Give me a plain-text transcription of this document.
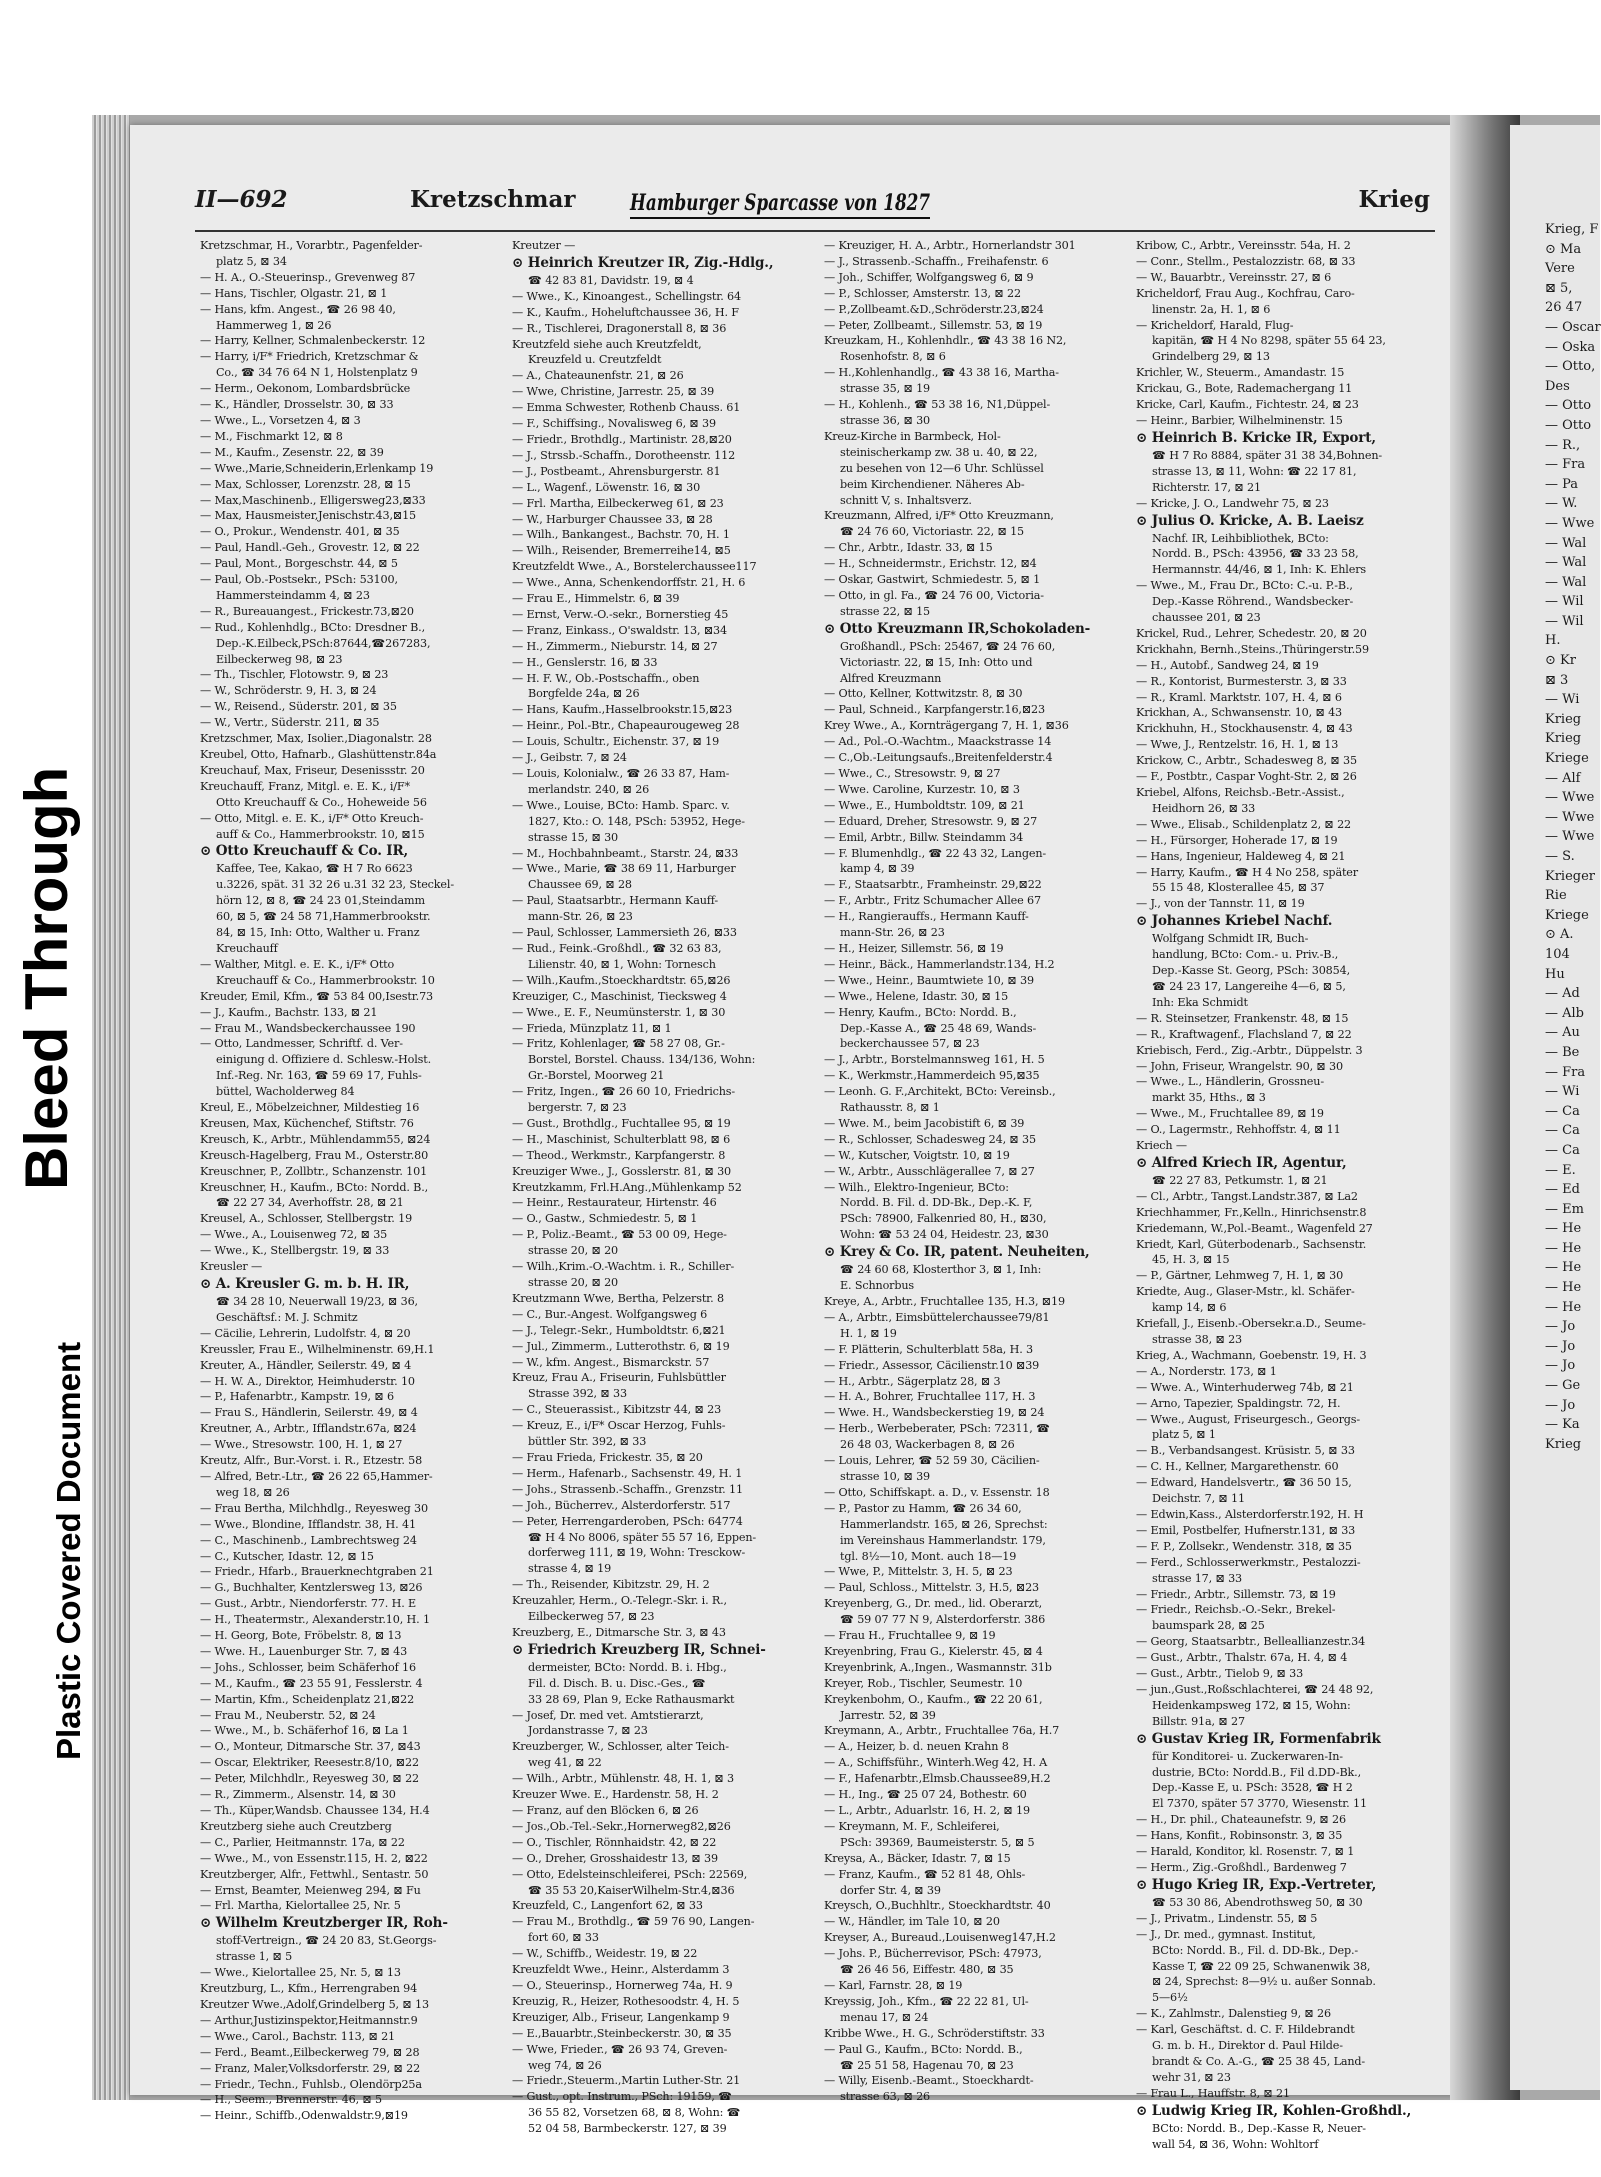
Bleed Through
Plastic Covered Document
II—692	Kretzschmar Hamburger Sparcasse von 1827	Krieg
Kretzschmar, H., Vorarbtr., Pagenfelder-
platz 5, ⊠ 34
— H. A., O.-Steuerinsp., Grevenweg 87
— Hans, Tischler, Olgastr. 21, ⊠ 1
— Hans, kfm. Angest., ☎ 26 98 40,
Hammerweg 1, ⊠ 26
— Harry, Kellner, Schmalenbeckerstr. 12
— Harry, i/F* Friedrich, Kretzschmar &
Co., ☎ 34 76 64 N 1, Holstenplatz 9
— Herm., Oekonom, Lombardsbrücke
— K., Händler, Drosselstr. 30, ⊠ 33
— Wwe., L., Vorsetzen 4, ⊠ 3
— M., Fischmarkt 12, ⊠ 8
— M., Kaufm., Zesenstr. 22, ⊠ 39
— Wwe.,Marie,Schneiderin,Erlenkamp 19
— Max, Schlosser, Lorenzstr. 28, ⊠ 15
— Max,Maschinenb., Elligersweg23,⊠33
— Max, Hausmeister,Jenischstr.43,⊠15
— O., Prokur., Wendenstr. 401, ⊠ 35
— Paul, Handl.-Geh., Grovestr. 12, ⊠ 22
— Paul, Mont., Borgeschstr. 44, ⊠ 5
— Paul, Ob.-Postsekr., PSch: 53100,
Hammersteindamm 4, ⊠ 23
— R., Bureauangest., Frickestr.73,⊠20
— Rud., Kohlenhdlg., BCto: Dresdner B.,
Dep.-K.Eilbeck,PSch:87644,☎267283,
Eilbeckerweg 98, ⊠ 23
— Th., Tischler, Flotowstr. 9, ⊠ 23
— W., Schröderstr. 9, H. 3, ⊠ 24
— W., Reisend., Süderstr. 201, ⊠ 35
— W., Vertr., Süderstr. 211, ⊠ 35
Kretzschmer, Max, Isolier.,Diagonalstr. 28
Kreubel, Otto, Hafnarb., Glashüttenstr.84a
Kreuchauf, Max, Friseur, Desenissstr. 20
Kreuchauff, Franz, Mitgl. e. E. K., i/F*
Otto Kreuchauff & Co., Hoheweide 56
— Otto, Mitgl. e. E. K., i/F* Otto Kreuch-
auff & Co., Hammerbrookstr. 10, ⊠15
⊙ Otto Kreuchauff & Co. IR,
Kaffee, Tee, Kakao, ☎ H 7 Ro 6623
u.3226, spät. 31 32 26 u.31 32 23, Steckel-
hörn 12, ⊠ 8, ☎ 24 23 01,Steindamm
60, ⊠ 5, ☎ 24 58 71,Hammerbrookstr.
84, ⊠ 15, Inh: Otto, Walther u. Franz
Kreuchauff
— Walther, Mitgl. e. E. K., i/F* Otto
Kreuchauff & Co., Hammerbrookstr. 10
Kreuder, Emil, Kfm., ☎ 53 84 00,Isestr.73
— J., Kaufm., Bachstr. 133, ⊠ 21
— Frau M., Wandsbeckerchaussee 190
— Otto, Landmesser, Schriftf. d. Ver-
einigung d. Offiziere d. Schlesw.-Holst.
Inf.-Reg. Nr. 163, ☎ 59 69 17, Fuhls-
büttel, Wacholderweg 84
Kreul, E., Möbelzeichner, Mildestieg 16
Kreusen, Max, Küchenchef, Stiftstr. 76
Kreusch, K., Arbtr., Mühlendamm55, ⊠24
Kreusch-Hagelberg, Frau M., Osterstr.80
Kreuschner, P., Zollbtr., Schanzenstr. 101
Kreuschner, H., Kaufm., BCto: Nordd. B.,
☎ 22 27 34, Averhoffstr. 28, ⊠ 21
Kreusel, A., Schlosser, Stellbergstr. 19
— Wwe., A., Louisenweg 72, ⊠ 35
— Wwe., K., Stellbergstr. 19, ⊠ 33
Kreusler —
⊙ A. Kreusler G. m. b. H. IR,
☎ 34 28 10, Neuerwall 19/23, ⊠ 36,
Geschäftsf.: M. J. Schmitz
— Cäcilie, Lehrerin, Ludolfstr. 4, ⊠ 20
Kreussler, Frau E., Wilhelminenstr. 69,H.1
Kreuter, A., Händler, Seilerstr. 49, ⊠ 4
— H. W. A., Direktor, Heimhuderstr. 10
— P., Hafenarbtr., Kampstr. 19, ⊠ 6
— Frau S., Händlerin, Seilerstr. 49, ⊠ 4
Kreutner, A., Arbtr., Ifflandstr.67a, ⊠24
— Wwe., Stresowstr. 100, H. 1, ⊠ 27
Kreutz, Alfr., Bur.-Vorst. i. R., Etzestr. 58
— Alfred, Betr.-Ltr., ☎ 26 22 65,Hammer-
weg 18, ⊠ 26
— Frau Bertha, Milchhdlg., Reyesweg 30
— Wwe., Blondine, Ifflandstr. 38, H. 41
— C., Maschinenb., Lambrechtsweg 24
— C., Kutscher, Idastr. 12, ⊠ 15
— Friedr., Hfarb., Brauerknechtgraben 21
— G., Buchhalter, Kentzlersweg 13, ⊠26
— Gust., Arbtr., Niendorferstr. 77. H. E
— H., Theatermstr., Alexanderstr.10, H. 1
— H. Georg, Bote, Fröbelstr. 8, ⊠ 13
— Wwe. H., Lauenburger Str. 7, ⊠ 43
— Johs., Schlosser, beim Schäferhof 16
— M., Kaufm., ☎ 23 55 91, Fesslerstr. 4
— Martin, Kfm., Scheidenplatz 21,⊠22
— Frau M., Neuberstr. 52, ⊠ 24
— Wwe., M., b. Schäferhof 16, ⊠ La 1
— O., Monteur, Ditmarsche Str. 37, ⊠43
— Oscar, Elektriker, Reesestr.8/10, ⊠22
— Peter, Milchhdlr., Reyesweg 30, ⊠ 22
— R., Zimmerm., Alsenstr. 14, ⊠ 30
— Th., Küper,Wandsb. Chaussee 134, H.4
Kreutzberg siehe auch Creutzberg
— C., Parlier, Heitmannstr. 17a, ⊠ 22
— Wwe., M., von Essenstr.115, H. 2, ⊠22
Kreutzberger, Alfr., Fettwhl., Sentastr. 50
— Ernst, Beamter, Meienweg 294, ⊠ Fu
— Frl. Martha, Kielortallee 25, Nr. 5
⊙ Wilhelm Kreutzberger IR, Roh-
stoff-Vertreign., ☎ 24 20 83, St.Georgs-
strasse 1, ⊠ 5
— Wwe., Kielortallee 25, Nr. 5, ⊠ 13
Kreutzburg, L., Kfm., Herrengraben 94
Kreutzer Wwe.,Adolf,Grindelberg 5, ⊠ 13
— Arthur,Justizinspektor,Heitmannstr.9
— Wwe., Carol., Bachstr. 113, ⊠ 21
— Ferd., Beamt.,Eilbeckerweg 79, ⊠ 28
— Franz, Maler,Volksdorferstr. 29, ⊠ 22
— Friedr., Techn., Fuhlsb., Olendörp25a
— H., Seem., Brennerstr. 46, ⊠ 5
— Heinr., Schiffb.,Odenwaldstr.9,⊠19
Kreutzer —
⊙ Heinrich Kreutzer IR, Zig.-Hdlg.,
☎ 42 83 81, Davidstr. 19, ⊠ 4
— Wwe., K., Kinoangest., Schellingstr. 64
— K., Kaufm., Hoheluftchaussee 36, H. F
— R., Tischlerei, Dragonerstall 8, ⊠ 36
Kreutzfeld siehe auch Kreutzfeldt,
Kreuzfeld u. Creutzfeldt
— A., Chateaunenfstr. 21, ⊠ 26
— Wwe, Christine, Jarrestr. 25, ⊠ 39
— Emma Schwester, Rothenb Chauss. 61
— F., Schiffsing., Novalisweg 6, ⊠ 39
— Friedr., Brothdlg., Martinistr. 28,⊠20
— J., Strssb.-Schaffn., Dorotheenstr. 112
— J., Postbeamt., Ahrensburgerstr. 81
— L., Wagenf., Löwenstr. 16, ⊠ 30
— Frl. Martha, Eilbeckerweg 61, ⊠ 23
— W., Harburger Chaussee 33, ⊠ 28
— Wilh., Bankangest., Bachstr. 70, H. 1
— Wilh., Reisender, Bremerreihe14, ⊠5
Kreutzfeldt Wwe., A., Borstelerchaussee117
— Wwe., Anna, Schenkendorffstr. 21, H. 6
— Frau E., Himmelstr. 6, ⊠ 39
— Ernst, Verw.-O.-sekr., Bornerstieg 45
— Franz, Einkass., O'swaldstr. 13, ⊠34
— H., Zimmerm., Nieburstr. 14, ⊠ 27
— H., Genslerstr. 16, ⊠ 33
— H. F. W., Ob.-Postschaffn., oben
Borgfelde 24a, ⊠ 26
— Hans, Kaufm.,Hasselbrookstr.15,⊠23
— Heinr., Pol.-Btr., Chapeaurougeweg 28
— Louis, Schultr., Eichenstr. 37, ⊠ 19
— J., Geibstr. 7, ⊠ 24
— Louis, Kolonialw., ☎ 26 33 87, Ham-
merlandstr. 240, ⊠ 26
— Wwe., Louise, BCto: Hamb. Sparc. v.
1827, Kto.: O. 148, PSch: 53952, Hege-
strasse 15, ⊠ 30
— M., Hochbahnbeamt., Starstr. 24, ⊠33
— Wwe., Marie, ☎ 38 69 11, Harburger
Chaussee 69, ⊠ 28
— Paul, Staatsarbtr., Hermann Kauff-
mann-Str. 26, ⊠ 23
— Paul, Schlosser, Lammersieth 26, ⊠33
— Rud., Feink.-Großhdl., ☎ 32 63 83,
Lilienstr. 40, ⊠ 1, Wohn: Tornesch
— Wilh.,Kaufm.,Stoeckhardtstr. 65,⊠26
Kreuziger, C., Maschinist, Tiecksweg 4
— Wwe., E. F., Neumünsterstr. 1, ⊠ 30
— Frieda, Münzplatz 11, ⊠ 1
— Fritz, Kohlenlager, ☎ 58 27 08, Gr.-
Borstel, Borstel. Chauss. 134/136, Wohn:
Gr.-Borstel, Moorweg 21
— Fritz, Ingen., ☎ 26 60 10, Friedrichs-
bergerstr. 7, ⊠ 23
— Gust., Brothdlg., Fuchtallee 95, ⊠ 19
— H., Maschinist, Schulterblatt 98, ⊠ 6
— Theod., Werkmstr., Karpfangerstr. 8
Kreuziger Wwe., J., Gosslerstr. 81, ⊠ 30
Kreutzkamm, Frl.H.Ang.,Mühlenkamp 52
— Heinr., Restaurateur, Hirtenstr. 46
— O., Gastw., Schmiedestr. 5, ⊠ 1
— P., Poliz.-Beamt., ☎ 53 00 09, Hege-
strasse 20, ⊠ 20
— Wilh.,Krim.-O.-Wachtm. i. R., Schiller-
strasse 20, ⊠ 20
Kreutzmann Wwe, Bertha, Pelzerstr. 8
— C., Bur.-Angest. Wolfgangsweg 6
— J., Telegr.-Sekr., Humboldtstr. 6,⊠21
— Jul., Zimmerm., Lutterothstr. 6, ⊠ 19
— W., kfm. Angest., Bismarckstr. 57
Kreuz, Frau A., Friseurin, Fuhlsbüttler
Strasse 392, ⊠ 33
— C., Steuerassist., Kibitzstr 44, ⊠ 23
— Kreuz, E., i/F* Oscar Herzog, Fuhls-
büttler Str. 392, ⊠ 33
— Frau Frieda, Frickestr. 35, ⊠ 20
— Herm., Hafenarb., Sachsenstr. 49, H. 1
— Johs., Strassenb.-Schaffn., Grenzstr. 11
— Joh., Bücherrev., Alsterdorferstr. 517
— Peter, Herrengarderoben, PSch: 64774
☎ H 4 No 8006, später 55 57 16, Eppen-
dorferweg 111, ⊠ 19, Wohn: Tresckow-
strasse 4, ⊠ 19
— Th., Reisender, Kibitzstr. 29, H. 2
Kreuzahler, Herm., O.-Telegr.-Skr. i. R.,
Eilbeckerweg 57, ⊠ 23
Kreuzberg, E., Ditmarsche Str. 3, ⊠ 43
⊙ Friedrich Kreuzberg IR, Schnei-
dermeister, BCto: Nordd. B. i. Hbg.,
Fil. d. Disch. B. u. Disc.-Ges., ☎
33 28 69, Plan 9, Ecke Rathausmarkt
— Josef, Dr. med vet. Amtstierarzt,
Jordanstrasse 7, ⊠ 23
Kreuzberger, W., Schlosser, alter Teich-
weg 41, ⊠ 22
— Wilh., Arbtr., Mühlenstr. 48, H. 1, ⊠ 3
Kreuzer Wwe. E., Hardenstr. 58, H. 2
— Franz, auf den Blöcken 6, ⊠ 26
— Jos.,Ob.-Tel.-Sekr.,Hornerweg82,⊠26
— O., Tischler, Rönnhaidstr. 42, ⊠ 22
— O., Dreher, Grosshaidestr 13, ⊠ 39
— Otto, Edelsteinschleiferei, PSch: 22569,
☎ 35 53 20,KaiserWilhelm-Str.4,⊠36
Kreuzfeld, C., Langenfort 62, ⊠ 33
— Frau M., Brothdlg., ☎ 59 76 90, Langen-
fort 60, ⊠ 33
— W., Schiffb., Weidestr. 19, ⊠ 22
Kreuzfeldt Wwe., Heinr., Alsterdamm 3
— O., Steuerinsp., Hornerweg 74a, H. 9
Kreuzig, R., Heizer, Rothesoodstr. 4, H. 5
Kreuziger, Alb., Friseur, Langenkamp 9
— E.,Bauarbtr.,Steinbeckerstr. 30, ⊠ 35
— Wwe, Frieder., ☎ 26 93 74, Greven-
weg 74, ⊠ 26
— Friedr.,Steuerm.,Martin Luther-Str. 21
— Gust., opt. Instrum., PSch: 19159, ☎
36 55 82, Vorsetzen 68, ⊠ 8, Wohn: ☎
52 04 58, Barmbeckerstr. 127, ⊠ 39
— Kreuziger, H. A., Arbtr., Hornerlandstr 301
— J., Strassenb.-Schaffn., Freihafenstr. 6
— Joh., Schiffer, Wolfgangsweg 6, ⊠ 9
— P., Schlosser, Amsterstr. 13, ⊠ 22
— P.,Zollbeamt.&D.,Schröderstr.23,⊠24
— Peter, Zollbeamt., Sillemstr. 53, ⊠ 19
Kreuzkam, H., Kohlenhdlr., ☎ 43 38 16 N2,
Rosenhofstr. 8, ⊠ 6
— H.,Kohlenhandlg., ☎ 43 38 16, Martha-
strasse 35, ⊠ 19
— H., Kohlenh., ☎ 53 38 16, N1,Düppel-
strasse 36, ⊠ 30
Kreuz-Kirche in Barmbeck, Hol-
steinischerkamp zw. 38 u. 40, ⊠ 22,
zu besehen von 12—6 Uhr. Schlüssel
beim Kirchendiener. Näheres Ab-
schnitt V, s. Inhaltsverz.
Kreuzmann, Alfred, i/F* Otto Kreuzmann,
☎ 24 76 60, Victoriastr. 22, ⊠ 15
— Chr., Arbtr., Idastr. 33, ⊠ 15
— H., Schneidermstr., Erichstr. 12, ⊠4
— Oskar, Gastwirt, Schmiedestr. 5, ⊠ 1
— Otto, in gl. Fa., ☎ 24 76 00, Victoria-
strasse 22, ⊠ 15
⊙ Otto Kreuzmann IR,Schokoladen-
Großhandl., PSch: 25467, ☎ 24 76 60,
Victoriastr. 22, ⊠ 15, Inh: Otto und
Alfred Kreuzmann
— Otto, Kellner, Kottwitzstr. 8, ⊠ 30
— Paul, Schneid., Karpfangerstr.16,⊠23
Krey Wwe., A., Kornträgergang 7, H. 1, ⊠36
— Ad., Pol.-O.-Wachtm., Maackstrasse 14
— C.,Ob.-Leitungsaufs.,Breitenfelderstr.4
— Wwe., C., Stresowstr. 9, ⊠ 27
— Wwe. Caroline, Kurzestr. 10, ⊠ 3
— Wwe., E., Humboldtstr. 109, ⊠ 21
— Eduard, Dreher, Stresowstr. 9, ⊠ 27
— Emil, Arbtr., Billw. Steindamm 34
— F. Blumenhdlg., ☎ 22 43 32, Langen-
kamp 4, ⊠ 39
— F., Staatsarbtr., Framheinstr. 29,⊠22
— F., Arbtr., Fritz Schumacher Allee 67
— H., Rangierauffs., Hermann Kauff-
mann-Str. 26, ⊠ 23
— H., Heizer, Sillemstr. 56, ⊠ 19
— Heinr., Bäck., Hammerlandstr.134, H.2
— Wwe., Heinr., Baumtwiete 10, ⊠ 39
— Wwe., Helene, Idastr. 30, ⊠ 15
— Henry, Kaufm., BCto: Nordd. B.,
Dep.-Kasse A., ☎ 25 48 69, Wands-
beckerchaussee 57, ⊠ 23
— J., Arbtr., Borstelmannsweg 161, H. 5
— K., Werkmstr.,Hammerdeich 95,⊠35
— Leonh. G. F.,Architekt, BCto: Vereinsb.,
Rathausstr. 8, ⊠ 1
— Wwe. M., beim Jacobistift 6, ⊠ 39
— R., Schlosser, Schadesweg 24, ⊠ 35
— W., Kutscher, Voigtstr. 10, ⊠ 19
— W., Arbtr., Ausschlägerallee 7, ⊠ 27
— Wilh., Elektro-Ingenieur, BCto:
Nordd. B. Fil. d. DD-Bk., Dep.-K. F,
PSch: 78900, Falkenried 80, H., ⊠30,
Wohn: ☎ 53 24 04, Heidestr. 23, ⊠30
⊙ Krey & Co. IR, patent. Neuheiten,
☎ 24 60 68, Klosterthor 3, ⊠ 1, Inh:
E. Schnorbus
Kreye, A., Arbtr., Fruchtallee 135, H.3, ⊠19
— A., Arbtr., Eimsbüttelerchaussee79/81
H. 1, ⊠ 19
— F. Plätterin, Schulterblatt 58a, H. 3
— Friedr., Assessor, Cäcilienstr.10 ⊠39
— H., Arbtr., Sägerplatz 28, ⊠ 3
— H. A., Bohrer, Fruchtallee 117, H. 3
— Wwe. H., Wandsbeckerstieg 19, ⊠ 24
— Herb., Werbeberater, PSch: 72311, ☎
26 48 03, Wackerbagen 8, ⊠ 26
— Louis, Lehrer, ☎ 52 59 30, Cäcilien-
strasse 10, ⊠ 39
— Otto, Schiffskapt. a. D., v. Essenstr. 18
— P., Pastor zu Hamm, ☎ 26 34 60,
Hammerlandstr. 165, ⊠ 26, Sprechst:
im Vereinshaus Hammerlandstr. 179,
tgl. 8½—10, Mont. auch 18—19
— Wwe, P., Mittelstr. 3, H. 5, ⊠ 23
— Paul, Schloss., Mittelstr. 3, H.5, ⊠23
Kreyenberg, G., Dr. med., lid. Oberarzt,
☎ 59 07 77 N 9, Alsterdorferstr. 386
— Frau H., Fruchtallee 9, ⊠ 19
Kreyenbring, Frau G., Kielerstr. 45, ⊠ 4
Kreyenbrink, A.,Ingen., Wasmannstr. 31b
Kreyer, Rob., Tischler, Seumestr. 10
Kreykenbohm, O., Kaufm., ☎ 22 20 61,
Jarrestr. 52, ⊠ 39
Kreymann, A., Arbtr., Fruchtallee 76a, H.7
— A., Heizer, b. d. neuen Krahn 8
— A., Schiffsführ., Winterh.Weg 42, H. A
— F., Hafenarbtr.,Elmsb.Chaussee89,H.2
— H., Ing., ☎ 25 07 24, Bothestr. 60
— L., Arbtr., Aduarlstr. 16, H. 2, ⊠ 19
— Kreymann, M. F., Schleiferei,
PSch: 39369, Baumeisterstr. 5, ⊠ 5
Kreysa, A., Bäcker, Idastr. 7, ⊠ 15
— Franz, Kaufm., ☎ 52 81 48, Ohls-
dorfer Str. 4, ⊠ 39
Kreysch, O.,Buchhltr., Stoeckhardtstr. 40
— W., Händler, im Tale 10, ⊠ 20
Kreyser, A., Bureaud.,Louisenweg147,H.2
— Johs. P., Bücherrevisor, PSch: 47973,
☎ 26 46 56, Eiffestr. 480, ⊠ 35
— Karl, Farnstr. 28, ⊠ 19
Kreyssig, Joh., Kfm., ☎ 22 22 81, Ul-
menau 17, ⊠ 24
Kribbe Wwe., H. G., Schröderstiftstr. 33
— Paul G., Kaufm., BCto: Nordd. B.,
☎ 25 51 58, Hagenau 70, ⊠ 23
— Willy, Eisenb.-Beamt., Stoeckhardt-
strasse 63, ⊠ 26
Kribow, C., Arbtr., Vereinsstr. 54a, H. 2
— Conr., Stellm., Pestalozzistr. 68, ⊠ 33
— W., Bauarbtr., Vereinsstr. 27, ⊠ 6
Kricheldorf, Frau Aug., Kochfrau, Caro-
linenstr. 2a, H. 1, ⊠ 6
— Kricheldorf, Harald, Flug-
kapitän, ☎ H 4 No 8298, später 55 64 23,
Grindelberg 29, ⊠ 13
Krichler, W., Steuerm., Amandastr. 15
Krickau, G., Bote, Rademachergang 11
Kricke, Carl, Kaufm., Fichtestr. 24, ⊠ 23
— Heinr., Barbier, Wilhelminenstr. 15
⊙ Heinrich B. Kricke IR, Export,
☎ H 7 Ro 8884, später 31 38 34,Bohnen-
strasse 13, ⊠ 11, Wohn: ☎ 22 17 81,
Richterstr. 17, ⊠ 21
— Kricke, J. O., Landwehr 75, ⊠ 23
⊙ Julius O. Kricke, A. B. Laeisz
Nachf. IR, Leihbibliothek, BCto:
Nordd. B., PSch: 43956, ☎ 33 23 58,
Hermannstr. 44/46, ⊠ 1, Inh: K. Ehlers
— Wwe., M., Frau Dr., BCto: C.-u. P.-B.,
Dep.-Kasse Röhrend., Wandsbecker-
chaussee 201, ⊠ 23
Krickel, Rud., Lehrer, Schedestr. 20, ⊠ 20
Krickhahn, Bernh.,Steins.,Thüringerstr.59
— H., Autobf., Sandweg 24, ⊠ 19
— R., Kontorist, Burmesterstr. 3, ⊠ 33
— R., Kraml. Marktstr. 107, H. 4, ⊠ 6
Krickhan, A., Schwansenstr. 10, ⊠ 43
Krickhuhn, H., Stockhausenstr. 4, ⊠ 43
— Wwe, J., Rentzelstr. 16, H. 1, ⊠ 13
Krickow, C., Arbtr., Schadesweg 8, ⊠ 35
— F., Postbtr., Caspar Voght-Str. 2, ⊠ 26
Kriebel, Alfons, Reichsb.-Betr.-Assist.,
Heidhorn 26, ⊠ 33
— Wwe., Elisab., Schildenplatz 2, ⊠ 22
— H., Fürsorger, Hoherade 17, ⊠ 19
— Hans, Ingenieur, Haldeweg 4, ⊠ 21
— Harry, Kaufm., ☎ H 4 No 258, später
55 15 48, Klosterallee 45, ⊠ 37
— J., von der Tannstr. 11, ⊠ 19
⊙ Johannes Kriebel Nachf.
Wolfgang Schmidt IR, Buch-
handlung, BCto: Com.- u. Priv.-B.,
Dep.-Kasse St. Georg, PSch: 30854,
☎ 24 23 17, Langereihe 4—6, ⊠ 5,
Inh: Eka Schmidt
— R. Steinsetzer, Frankenstr. 48, ⊠ 15
— R., Kraftwagenf., Flachsland 7, ⊠ 22
Kriebisch, Ferd., Zig.-Arbtr., Düppelstr. 3
— John, Friseur, Wrangelstr. 90, ⊠ 30
— Wwe., L., Händlerin, Grossneu-
markt 35, Hths., ⊠ 3
— Wwe., M., Fruchtallee 89, ⊠ 19
— O., Lagermstr., Rehhoffstr. 4, ⊠ 11
Kriech —
⊙ Alfred Kriech IR, Agentur,
☎ 22 27 83, Petkumstr. 1, ⊠ 21
— Cl., Arbtr., Tangst.Landstr.387, ⊠ La2
Kriechhammer, Fr.,Kelln., Hinrichsenstr.8
Kriedemann, W.,Pol.-Beamt., Wagenfeld 27
Kriedt, Karl, Güterbodenarb., Sachsenstr.
45, H. 3, ⊠ 15
— P., Gärtner, Lehmweg 7, H. 1, ⊠ 30
Kriedte, Aug., Glaser-Mstr., kl. Schäfer-
kamp 14, ⊠ 6
Kriefall, J., Eisenb.-Obersekr.a.D., Seume-
strasse 38, ⊠ 23
Krieg, A., Wachmann, Goebenstr. 19, H. 3
— A., Norderstr. 173, ⊠ 1
— Wwe. A., Winterhuderweg 74b, ⊠ 21
— Arno, Tapezier, Spaldingstr. 72, H.
— Wwe., August, Friseurgesch., Georgs-
platz 5, ⊠ 1
— B., Verbandsangest. Krüsistr. 5, ⊠ 33
— C. H., Kellner, Margarethenstr. 60
— Edward, Handelsvertr., ☎ 36 50 15,
Deichstr. 7, ⊠ 11
— Edwin,Kass., Alsterdorferstr.192, H. H
— Emil, Postbelfer, Hufnerstr.131, ⊠ 33
— F. P., Zollsekr., Wendenstr. 318, ⊠ 35
— Ferd., Schlosserwerkmstr., Pestalozzi-
strasse 17, ⊠ 33
— Friedr., Arbtr., Sillemstr. 73, ⊠ 19
— Friedr., Reichsb.-O.-Sekr., Brekel-
baumspark 28, ⊠ 25
— Georg, Staatsarbtr., Belleallianzestr.34
— Gust., Arbtr., Thalstr. 67a, H. 4, ⊠ 4
— Gust., Arbtr., Tielob 9, ⊠ 33
— jun.,Gust.,Roßschlachterei, ☎ 24 48 92,
Heidenkampsweg 172, ⊠ 15, Wohn:
Billstr. 91a, ⊠ 27
⊙ Gustav Krieg IR, Formenfabrik
für Konditorei- u. Zuckerwaren-In-
dustrie, BCto: Nordd.B., Fil d.DD-Bk.,
Dep.-Kasse E, u. PSch: 3528, ☎ H 2
El 7370, später 57 3770, Wiesenstr. 11
— H., Dr. phil., Chateaunefstr. 9, ⊠ 26
— Hans, Konfit., Robinsonstr. 3, ⊠ 35
— Harald, Konditor, kl. Rosenstr. 7, ⊠ 1
— Herm., Zig.-Großhdl., Bardenweg 7
⊙ Hugo Krieg IR, Exp.-Vertreter,
☎ 53 30 86, Abendrothsweg 50, ⊠ 30
— J., Privatm., Lindenstr. 55, ⊠ 5
— J., Dr. med., gymnast. Institut,
BCto: Nordd. B., Fil. d. DD-Bk., Dep.-
Kasse T, ☎ 22 09 25, Schwanenwik 38,
⊠ 24, Sprechst: 8—9½ u. außer Sonnab.
5—6½
— K., Zahlmstr., Dalenstieg 9, ⊠ 26
— Karl, Geschäftst. d. C. F. Hildebrandt
G. m. b. H., Direktor d. Paul Hilde-
brandt & Co. A.-G., ☎ 25 38 45, Land-
wehr 31, ⊠ 23
— Frau L., Hauffstr. 8, ⊠ 21
⊙ Ludwig Krieg IR, Kohlen-Großhdl.,
BCto: Nordd. B., Dep.-Kasse R, Neuer-
wall 54, ⊠ 36, Wohn: Wohltorf
Krieg, F
⊙ Ma
Vere
⊠ 5,
26 47
— Oscar
— Oska
— Otto,
Des
— Otto
— Otto
— R.,
— Fra
— Pa
— W.
— Wwe
— Wal
— Wal
— Wal
— Wil
— Wil
H.
⊙ Kr
⊠ 3
— Wi
Krieg
Krieg
Kriege
— Alf
— Wwe
— Wwe
— Wwe
— S.
Krieger
Rie
Kriege
⊙ A.
104
Hu
— Ad
— Alb
— Au
— Be
— Fra
— Wi
— Ca
— Ca
— Ca
— E.
— Ed
— Em
— He
— He
— He
— He
— He
— Jo
— Jo
— Jo
— Ge
— Jo
— Ka
Krieg
